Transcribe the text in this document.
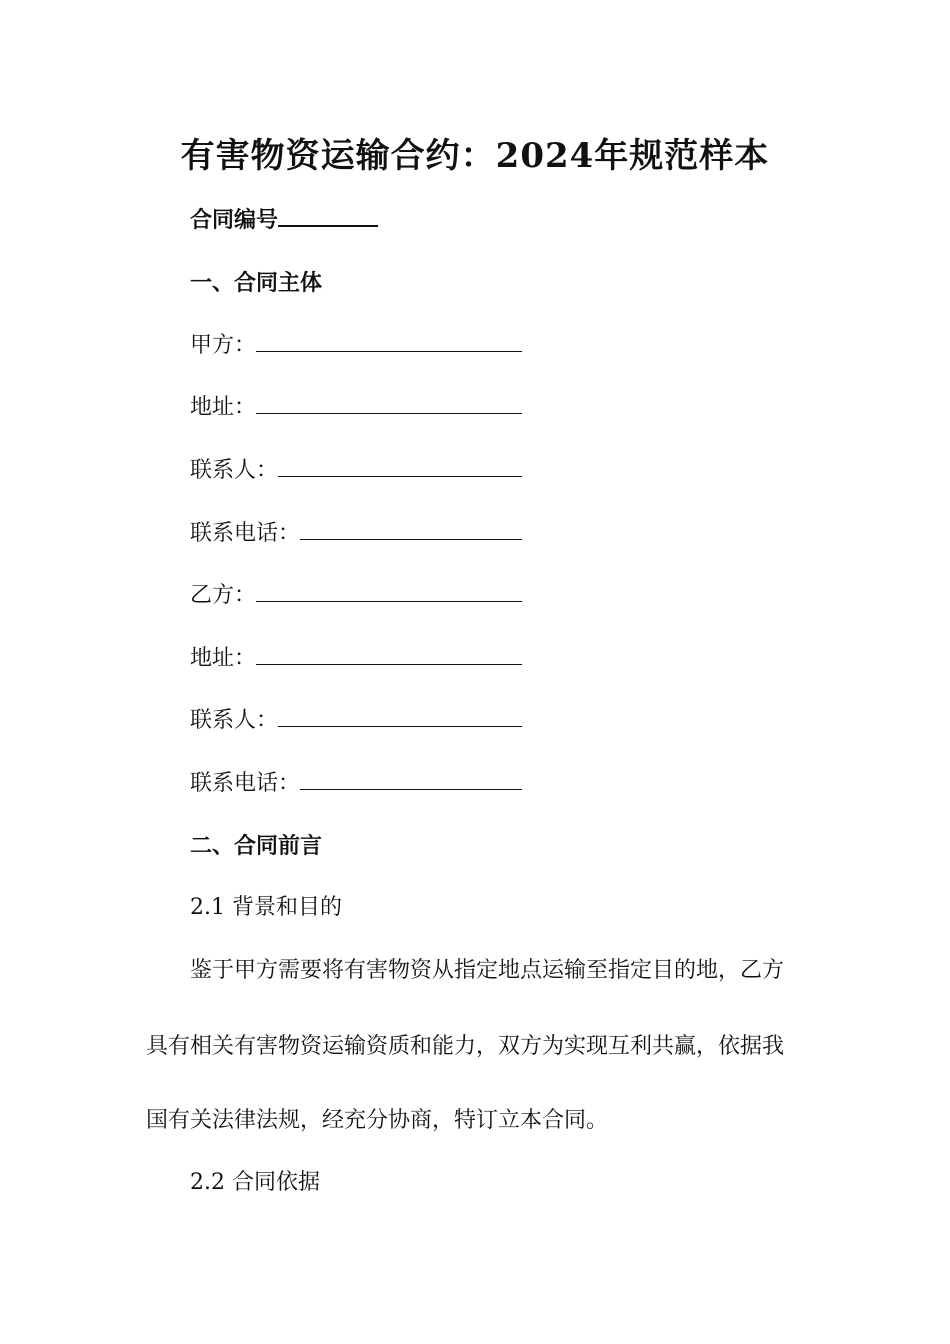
有害物资运输合约：2024年规范样本
合同编号
一、合同主体
甲方：
地址：
联系人：
联系电话：
乙方：
地址：
联系人：
联系电话：
二、合同前言
2.1 背景和目的
鉴于甲方需要将有害物资从指定地点运输至指定目的地，乙方
具有相关有害物资运输资质和能力，双方为实现互利共赢，依据我
国有关法律法规，经充分协商，特订立本合同。
2.2 合同依据
